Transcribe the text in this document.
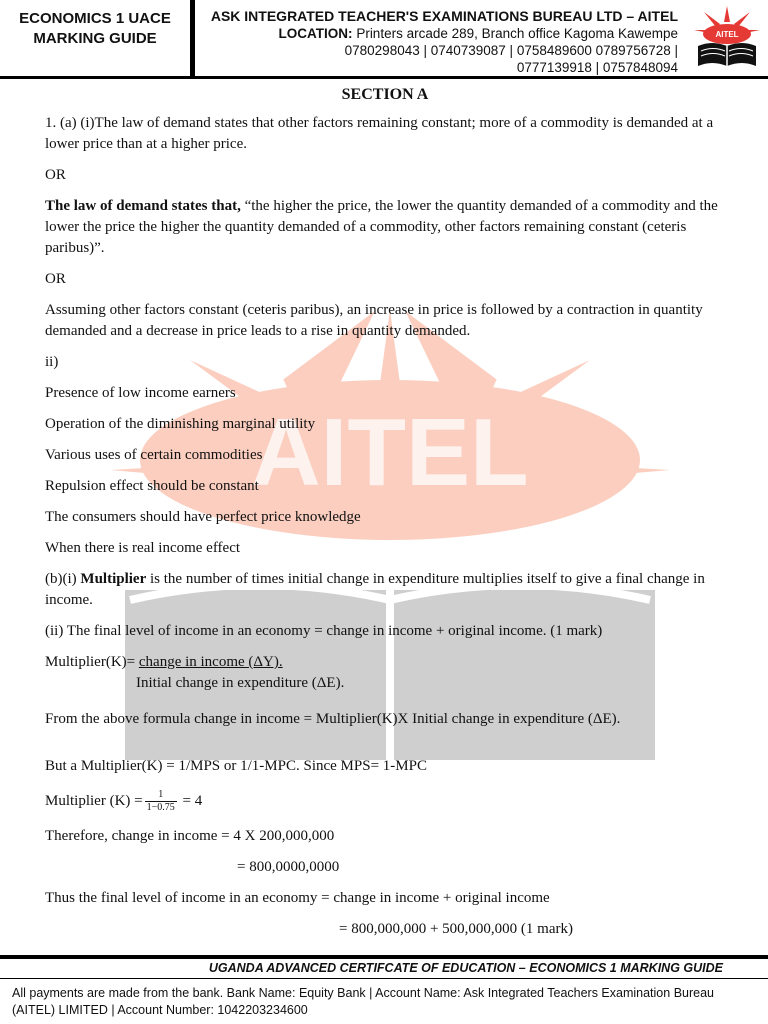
AITEL
ECONOMICS 1 UACE
MARKING GUIDE
ASK INTEGRATED TEACHER'S EXAMINATIONS BUREAU LTD – AITEL
LOCATION: Printers arcade 289, Branch office Kagoma Kawempe
0780298043 | 0740739087 | 0758489600 0789756728 |
0777139918 | 0757848094
AITEL
SECTION A

1. (a) (i)The law of demand states that other factors remaining constant; more of a commodity is demanded at a lower price than at a higher price.

OR

The law of demand states that, “the higher the price, the lower the quantity demanded of a commodity and the lower the price the higher the quantity demanded of a commodity, other factors remaining constant (ceteris paribus)”.

OR

Assuming other factors constant (ceteris paribus), an increase in price is followed by a contraction in quantity demanded and a decrease in price leads to a rise in quantity demanded.

ii)

Presence of low income earners

Operation of the diminishing marginal utility

Various uses of certain commodities

Repulsion effect should be constant

The consumers should have perfect price knowledge

When there is real income effect

(b)(i) Multiplier is the number of times initial change in expenditure multiplies itself to give a final change in income.

(ii) The final level of income in an economy = change in income + original income. (1 mark)

Multiplier(K)= change in income (ΔY).
Initial change in expenditure (ΔE).

From the above formula change in income = Multiplier(K)X Initial change in expenditure (ΔE).

But a Multiplier(K) = 1/MPS or 1/1-MPC. Since MPS= 1-MPC

Multiplier $(K) = \frac{1}{1-0.75} = 4$

Therefore, change in income = 4 X 200,000,000

= 800,0000,0000

Thus the final level of income in an economy = change in income + original income

= 800,000,000 + 500,000,000 (1 mark)

UGANDA ADVANCED CERTIFCATE OF EDUCATION – ECONOMICS 1 MARKING GUIDE
All payments are made from the bank. Bank Name: Equity Bank | Account Name: Ask Integrated Teachers Examination Bureau
(AITEL) LIMITED | Account Number: 1042203234600
